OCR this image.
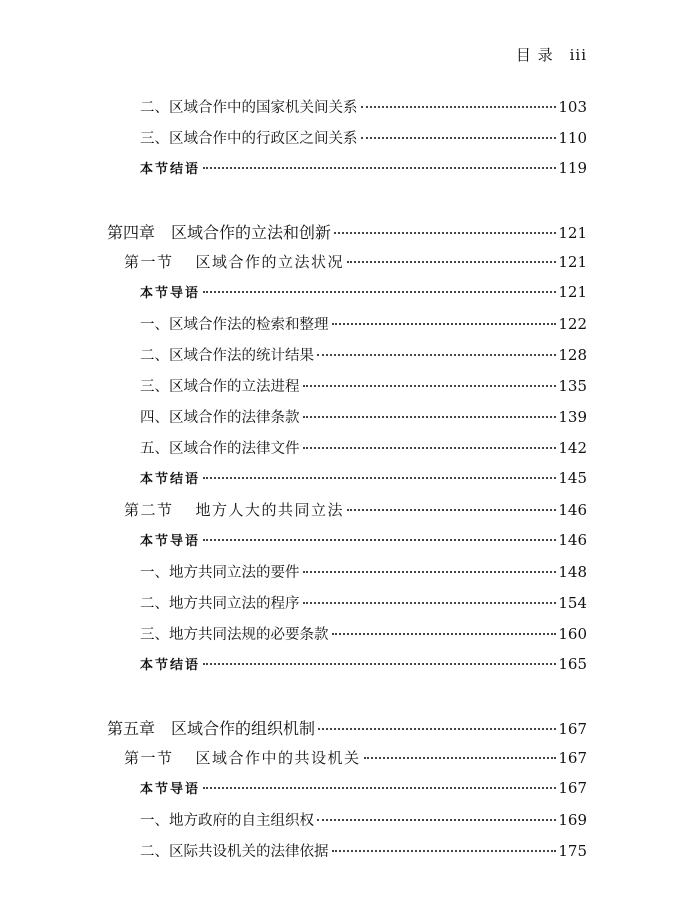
目 录 iii
二、区域合作中的国家机关间关系	103
三、区域合作中的行政区之间关系	110
本节结语	119
第四章 区域合作的立法和创新	121
第一节 区域合作的立法状况	121
本节导语	121
一、区域合作法的检索和整理	122
二、区域合作法的统计结果	128
三、区域合作的立法进程	135
四、区域合作的法律条款	139
五、区域合作的法律文件	142
本节结语	145
第二节 地方人大的共同立法	146
本节导语	146
一、地方共同立法的要件	148
二、地方共同立法的程序	154
三、地方共同法规的必要条款	160
本节结语	165
第五章 区域合作的组织机制	167
第一节 区域合作中的共设机关	167
本节导语	167
一、地方政府的自主组织权	169
二、区际共设机关的法律依据	175
